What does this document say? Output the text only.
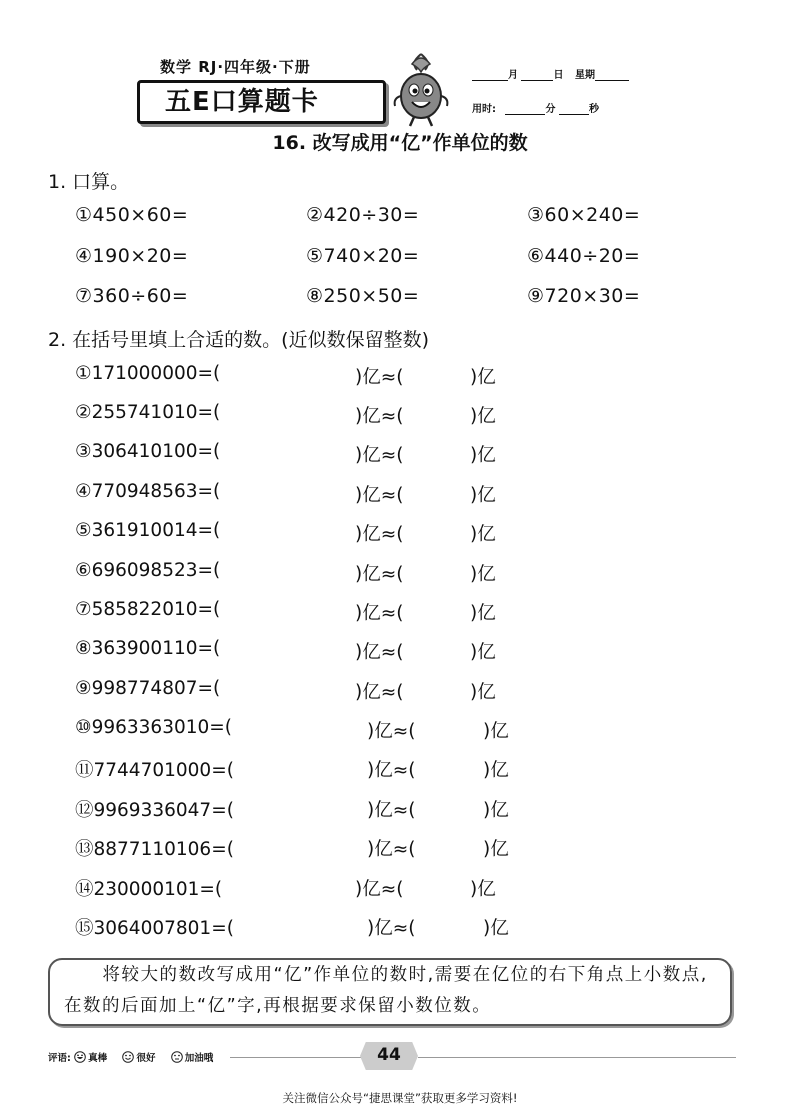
数学 RJ·四年级·下册
五E口算题卡
月	日 星期
用时:	分	秒
16. 改写成用“亿”作单位的数
1. 口算。
①450×60=	②420÷30=	③60×240=
④190×20=	⑤740×20=	⑥440÷20=
⑦360÷60=	⑧250×50=	⑨720×30=
2. 在括号里填上合适的数。(近似数保留整数)
①171000000=(	)亿≈(	)亿
②255741010=(	)亿≈(	)亿
③306410100=(	)亿≈(	)亿
④770948563=(	)亿≈(	)亿
⑤361910014=(	)亿≈(	)亿
⑥696098523=(	)亿≈(	)亿
⑦585822010=(	)亿≈(	)亿
⑧363900110=(	)亿≈(	)亿
⑨998774807=(	)亿≈(	)亿
⑩9963363010=(	)亿≈(	)亿
⑪7744701000=(	)亿≈(	)亿
⑫9969336047=(	)亿≈(	)亿
⑬8877110106=(	)亿≈(	)亿
⑭230000101=(	)亿≈(	)亿
⑮3064007801=(	)亿≈(	)亿
将较大的数改写成用“亿”作单位的数时,需要在亿位的右下角点上小数点,在数的后面加上“亿”字,再根据要求保留小数位数。
评语: 真棒	很好	加油哦	44
关注微信公众号“捷思课堂”获取更多学习资料!
